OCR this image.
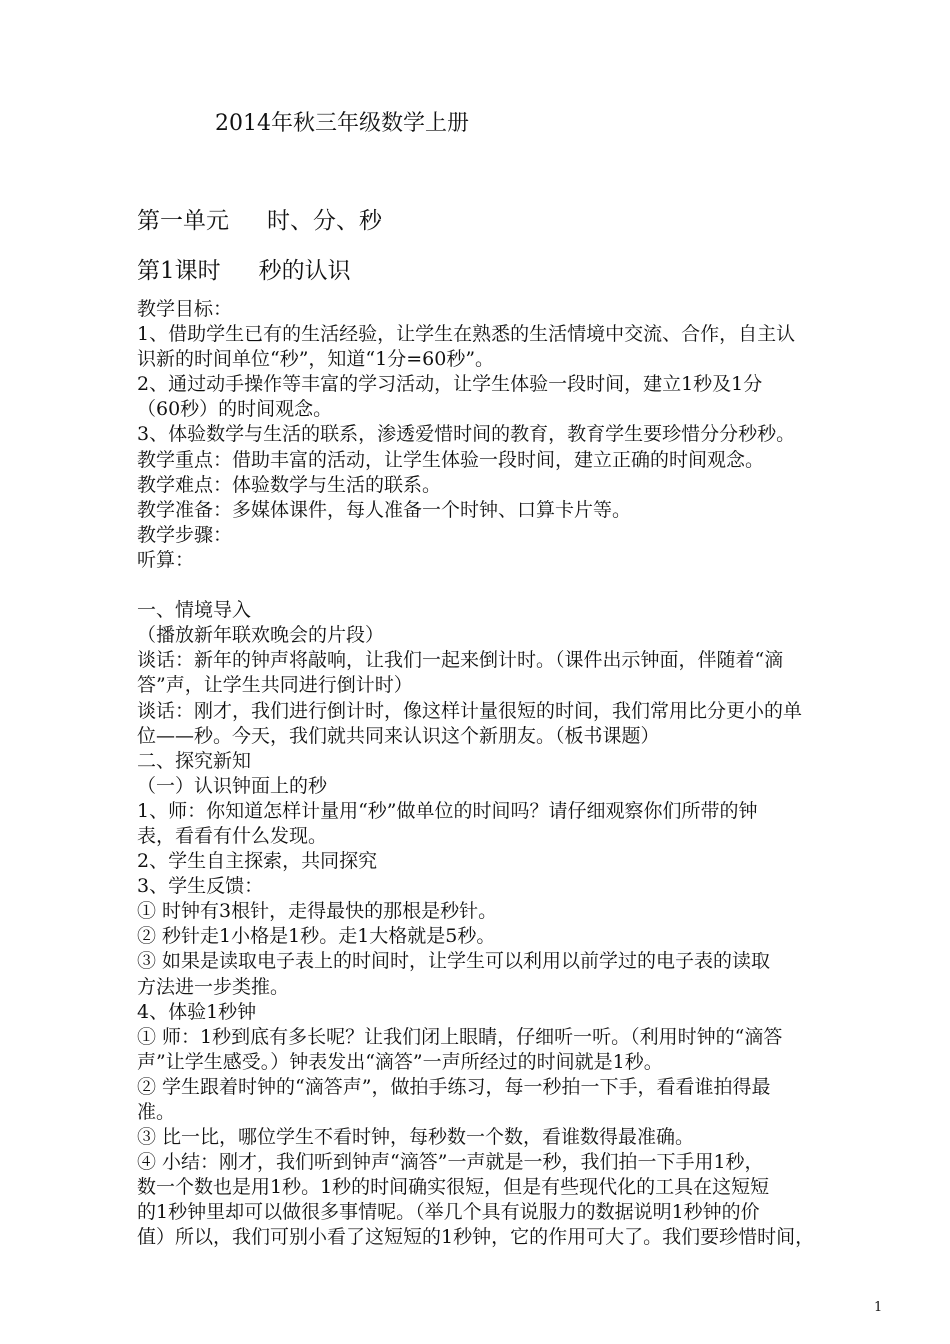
2014年秋三年级数学上册
第一单元 时、分、秒
第1课时 秒的认识
教学目标：
1、借助学生已有的生活经验，让学生在熟悉的生活情境中交流、合作，自主认
识新的时间单位“秒”，知道“1分=60秒”。
2、通过动手操作等丰富的学习活动，让学生体验一段时间，建立1秒及1分
（60秒）的时间观念。
3、体验数学与生活的联系，渗透爱惜时间的教育，教育学生要珍惜分分秒秒。
教学重点：借助丰富的活动，让学生体验一段时间，建立正确的时间观念。
教学难点：体验数学与生活的联系。
教学准备：多媒体课件，每人准备一个时钟、口算卡片等。
教学步骤：
听算：
一、情境导入
（播放新年联欢晚会的片段）
谈话：新年的钟声将敲响，让我们一起来倒计时。（课件出示钟面，伴随着“滴
答”声，让学生共同进行倒计时）
谈话：刚才，我们进行倒计时，像这样计量很短的时间，我们常用比分更小的单
位——秒。今天，我们就共同来认识这个新朋友。（板书课题）
二、探究新知
（一）认识钟面上的秒
1、师：你知道怎样计量用“秒”做单位的时间吗？请仔细观察你们所带的钟
表，看看有什么发现。
2、学生自主探索，共同探究
3、学生反馈：
① 时钟有3根针，走得最快的那根是秒针。
② 秒针走1小格是1秒。走1大格就是5秒。
③ 如果是读取电子表上的时间时，让学生可以利用以前学过的电子表的读取
方法进一步类推。
4、体验1秒钟
① 师：1秒到底有多长呢？让我们闭上眼睛，仔细听一听。（利用时钟的“滴答
声”让学生感受。）钟表发出“滴答”一声所经过的时间就是1秒。
② 学生跟着时钟的“滴答声”，做拍手练习，每一秒拍一下手，看看谁拍得最
准。
③ 比一比，哪位学生不看时钟，每秒数一个数，看谁数得最准确。
④ 小结：刚才，我们听到钟声“滴答”一声就是一秒，我们拍一下手用1秒，
数一个数也是用1秒。1秒的时间确实很短，但是有些现代化的工具在这短短
的1秒钟里却可以做很多事情呢。（举几个具有说服力的数据说明1秒钟的价
值）所以，我们可别小看了这短短的1秒钟，它的作用可大了。我们要珍惜时间，
1
